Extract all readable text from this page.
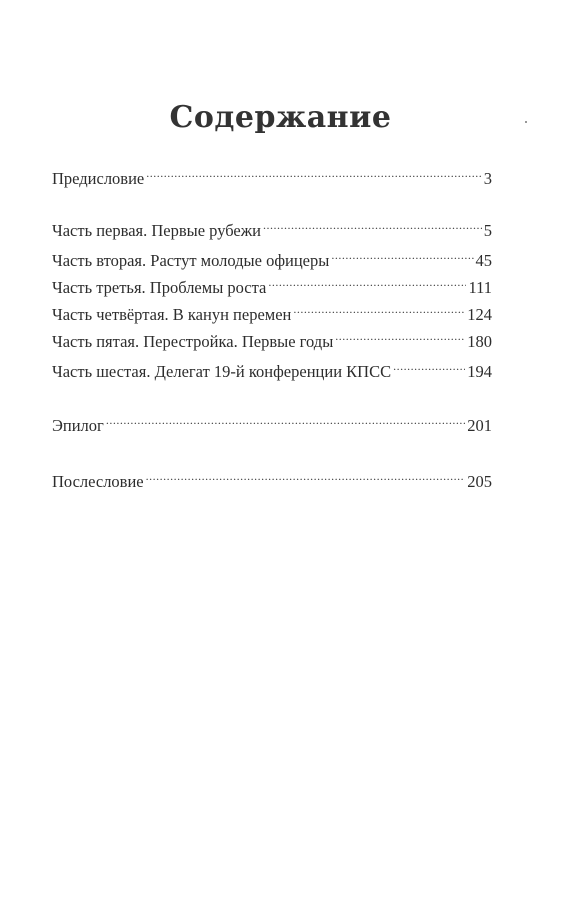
Содержание
Предисловие .....	3
Часть первая. Первые рубежи .....	5
Часть вторая. Растут молодые офицеры .....	45
Часть третья. Проблемы роста .....	111
Часть четвёртая. В канун перемен .....	124
Часть пятая. Перестройка. Первые годы .....	180
Часть шестая. Делегат 19-й конференции КПСС .....	194
Эпилог .....	201
Послесловие .....	205
